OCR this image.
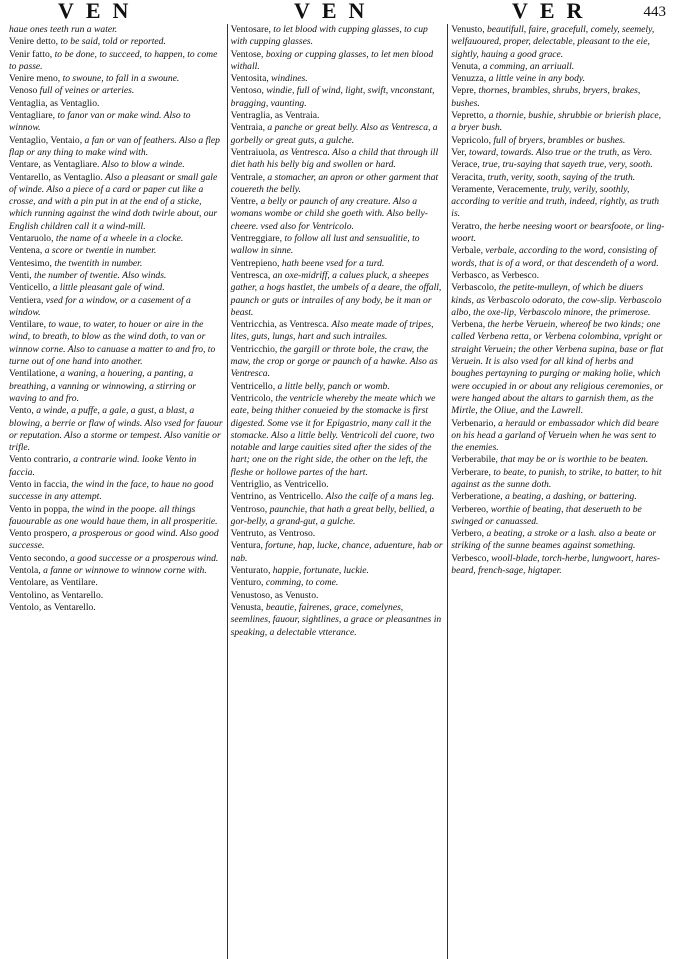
VEN	VEN	VER	443

haue ones teeth run a water.

Venire detto, to be said, told or reported.

Venir fatto, to be done, to succeed, to happen, to come to passe.

Venire meno, to swoune, to fall in a swoune.

Venoso full of veines or arteries.

Ventaglia, as Ventaglio.

Ventagliare, to fanor van or make wind. Also to winnow.

Ventaglio, Ventaio, a fan or van of feathers. Also a flep flap or any thing to make wind with.

Ventare, as Ventagliare. Also to blow a winde.

Ventarello, as Ventaglio. Also a pleasant or small gale of winde. Also a piece of a card or paper cut like a crosse, and with a pin put in at the end of a sticke, which running against the wind doth twirle about, our English children call it a wind-mill.

Ventaruolo, the name of a wheele in a clocke.

Ventena, a score or twentie in number.

Ventesimo, the twentith in number.

Venti, the number of twentie. Also winds.

Venticello, a little pleasant gale of wind.

Ventiera, vsed for a window, or a casement of a window.

Ventilare, to waue, to water, to houer or aire in the wind, to breath, to blow as the wind doth, to van or winnow corne. Also to canuase a matter to and fro, to turne out of one hand into another.

Ventilatione, a waning, a houering, a panting, a breathing, a vanning or winnowing, a stirring or waving to and fro.

Vento, a winde, a puffe, a gale, a gust, a blast, a blowing, a berrie or flaw of winds. Also vsed for fauour or reputation. Also a storme or tempest. Also vanitie or trifle.

Vento contrario, a contrarie wind. looke Vento in faccia.

Vento in faccia, the wind in the face, to haue no good successe in any attempt.

Vento in poppa, the wind in the poope. all things fauourable as one would haue them, in all prosperitie.

Vento prospero, a prosperous or good wind. Also good successe.

Vento secondo, a good successe or a prosperous wind.

Ventola, a fanne or winnowe to winnow corne with.

Ventolare, as Ventilare.

Ventolino, as Ventarello.

Ventolo, as Ventarello.

Ventosare, to let blood with cupping glasses, to cup with cupping glasses.

Ventose, boxing or cupping glasses, to let men blood withall.

Ventosita, windines.

Ventoso, windie, full of wind, light, swift, vnconstant, bragging, vaunting.

Ventraglia, as Ventraia.

Ventraia, a panche or great belly. Also as Ventresca, a gorbelly or great guts, a gulche.

Ventraiuola, as Ventresca. Also a child that through ill diet hath his belly big and swollen or hard.

Ventrale, a stomacher, an apron or other garment that couereth the belly.

Ventre, a belly or paunch of any creature. Also a womans wombe or child she goeth with. Also belly-cheere. vsed also for Ventricolo.

Ventreggiare, to follow all lust and sensualitie, to wallow in sinne.

Ventrepieno, hath beene vsed for a turd.

Ventresca, an oxe-midriff, a calues pluck, a sheepes gather, a hogs hastlet, the umbels of a deare, the offall, paunch or guts or intrailes of any body, be it man or beast.

Ventricchia, as Ventresca. Also meate made of tripes, lites, guts, lungs, hart and such intrailes.

Ventricchio, the gargill or throte bole, the craw, the maw, the crop or gorge or paunch of a hawke. Also as Ventresca.

Ventricello, a little belly, panch or womb.

Ventricolo, the ventricle whereby the meate which we eate, being thither conueied by the stomacke is first digested. Some vse it for Epigastrio, many call it the stomacke. Also a little belly. Ventricoli del cuore, two notable and large cauities sited after the sides of the hart; one on the right side, the other on the left, the fleshe or hollowe partes of the hart.

Ventriglio, as Ventricello.

Ventrino, as Ventricello. Also the calfe of a mans leg.

Ventroso, paunchie, that hath a great belly, bellied, a gor-belly, a grand-gut, a gulche.

Ventruto, as Ventroso.

Ventura, fortune, hap, lucke, chance, aduenture, hab or nab.

Venturato, happie, fortunate, luckie.

Venturo, comming, to come.

Venustoso, as Venusto.

Venusta, beautie, fairenes, grace, comelynes, seemlines, fauour, sightlines, a grace or pleasantnes in speaking, a delectable vtterance.

Venusto, beautifull, faire, gracefull, comely, seemely, welfauoured, proper, delectable, pleasant to the eie, sightly, hauing a good grace.

Venuta, a comming, an arriuall.

Venuzza, a little veine in any body.

Vepre, thornes, brambles, shrubs, bryers, brakes, bushes.

Vepretto, a thornie, bushie, shrubbie or brierish place, a bryer bush.

Vepricolo, full of bryers, brambles or bushes.

Ver, toward, towards. Also true or the truth, as Vero.

Verace, true, tru-saying that sayeth true, very, sooth.

Veracita, truth, verity, sooth, saying of the truth.

Veramente, Veracemente, truly, verily, soothly, according to veritie and truth, indeed, rightly, as truth is.

Veratro, the herbe neesing woort or bearsfoote, or ling-woort.

Verbale, verbale, according to the word, consisting of words, that is of a word, or that descendeth of a word.

Verbasco, as Verbesco.

Verbascolo, the petite-mulleyn, of which be diuers kinds, as Verbascolo odorato, the cow-slip. Verbascolo albo, the oxe-lip, Verbascolo minore, the primerose.

Verbena, the herbe Veruein, whereof be two kinds; one called Verbena retta, or Verbena colombina, vpright or straight Veruein; the other Verbena supina, base or flat Veruein. It is also vsed for all kind of herbs and boughes pertayning to purging or making holie, which were occupied in or about any religious ceremonies, or were hanged about the altars to garnish them, as the Mirtle, the Oliue, and the Lawrell.

Verbenario, a herauld or embassador which did beare on his head a garland of Veruein when he was sent to the enemies.

Verberabile, that may be or is worthie to be beaten.

Verberare, to beate, to punish, to strike, to batter, to hit against as the sunne doth.

Verberatione, a beating, a dashing, or battering.

Verbereo, worthie of beating, that deserueth to be swinged or canuassed.

Verbero, a beating, a stroke or a lash. also a beate or striking of the sunne beames against something.

Verbesco, wooll-blade, torch-herbe, lungwoort, hares-beard, french-sage, higtaper.
